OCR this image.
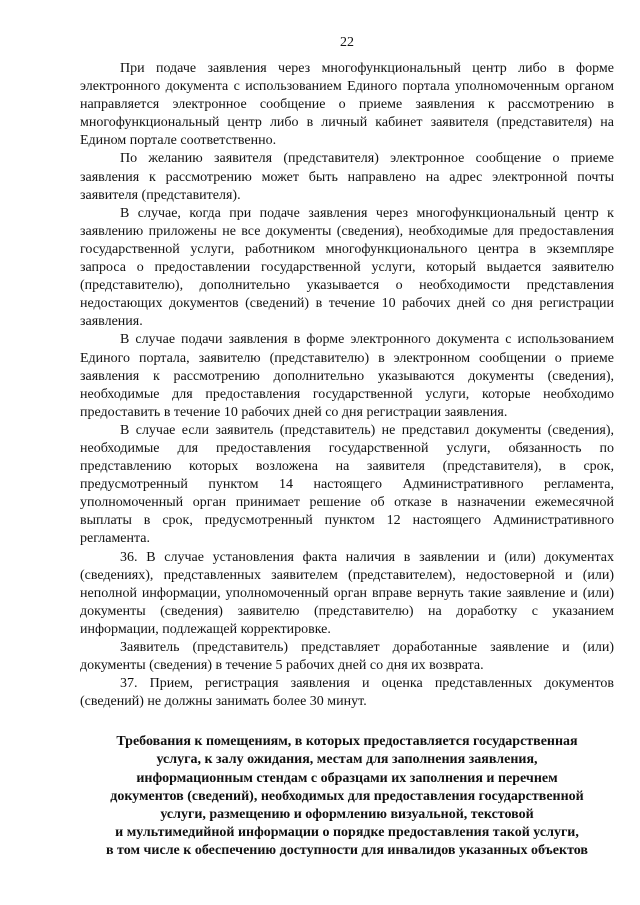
22

При подаче заявления через многофункциональный центр либо в форме электронного документа с использованием Единого портала уполномоченным органом направляется электронное сообщение о приеме заявления к рассмотрению в многофункциональный центр либо в личный кабинет заявителя (представителя) на Едином портале соответственно.

По желанию заявителя (представителя) электронное сообщение о приеме заявления к рассмотрению может быть направлено на адрес электронной почты заявителя (представителя).

В случае, когда при подаче заявления через многофункциональный центр к заявлению приложены не все документы (сведения), необходимые для предоставления государственной услуги, работником многофункционального центра в экземпляре запроса о предоставлении государственной услуги, который выдается заявителю (представителю), дополнительно указывается о необходимости представления недостающих документов (сведений) в течение 10 рабочих дней со дня регистрации заявления.

В случае подачи заявления в форме электронного документа с использованием Единого портала, заявителю (представителю) в электронном сообщении о приеме заявления к рассмотрению дополнительно указываются документы (сведения), необходимые для предоставления государственной услуги, которые необходимо предоставить в течение 10 рабочих дней со дня регистрации заявления.

В случае если заявитель (представитель) не представил документы (сведения), необходимые для предоставления государственной услуги, обязанность по представлению которых возложена на заявителя (представителя), в срок, предусмотренный пунктом 14 настоящего Административного регламента, уполномоченный орган принимает решение об отказе в назначении ежемесячной выплаты в срок, предусмотренный пунктом 12 настоящего Административного регламента.

36. В случае установления факта наличия в заявлении и (или) документах (сведениях), представленных заявителем (представителем), недостоверной и (или) неполной информации, уполномоченный орган вправе вернуть такие заявление и (или) документы (сведения) заявителю (представителю) на доработку с указанием информации, подлежащей корректировке.

Заявитель (представитель) представляет доработанные заявление и (или) документы (сведения) в течение 5 рабочих дней со дня их возврата.

37. Прием, регистрация заявления и оценка представленных документов (сведений) не должны занимать более 30 минут.

Требования к помещениям, в которых предоставляется государственная
услуга, к залу ожидания, местам для заполнения заявления,
информационным стендам с образцами их заполнения и перечнем
документов (сведений), необходимых для предоставления государственной
услуги, размещению и оформлению визуальной, текстовой
и мультимедийной информации о порядке предоставления такой услуги,
в том числе к обеспечению доступности для инвалидов указанных объектов
